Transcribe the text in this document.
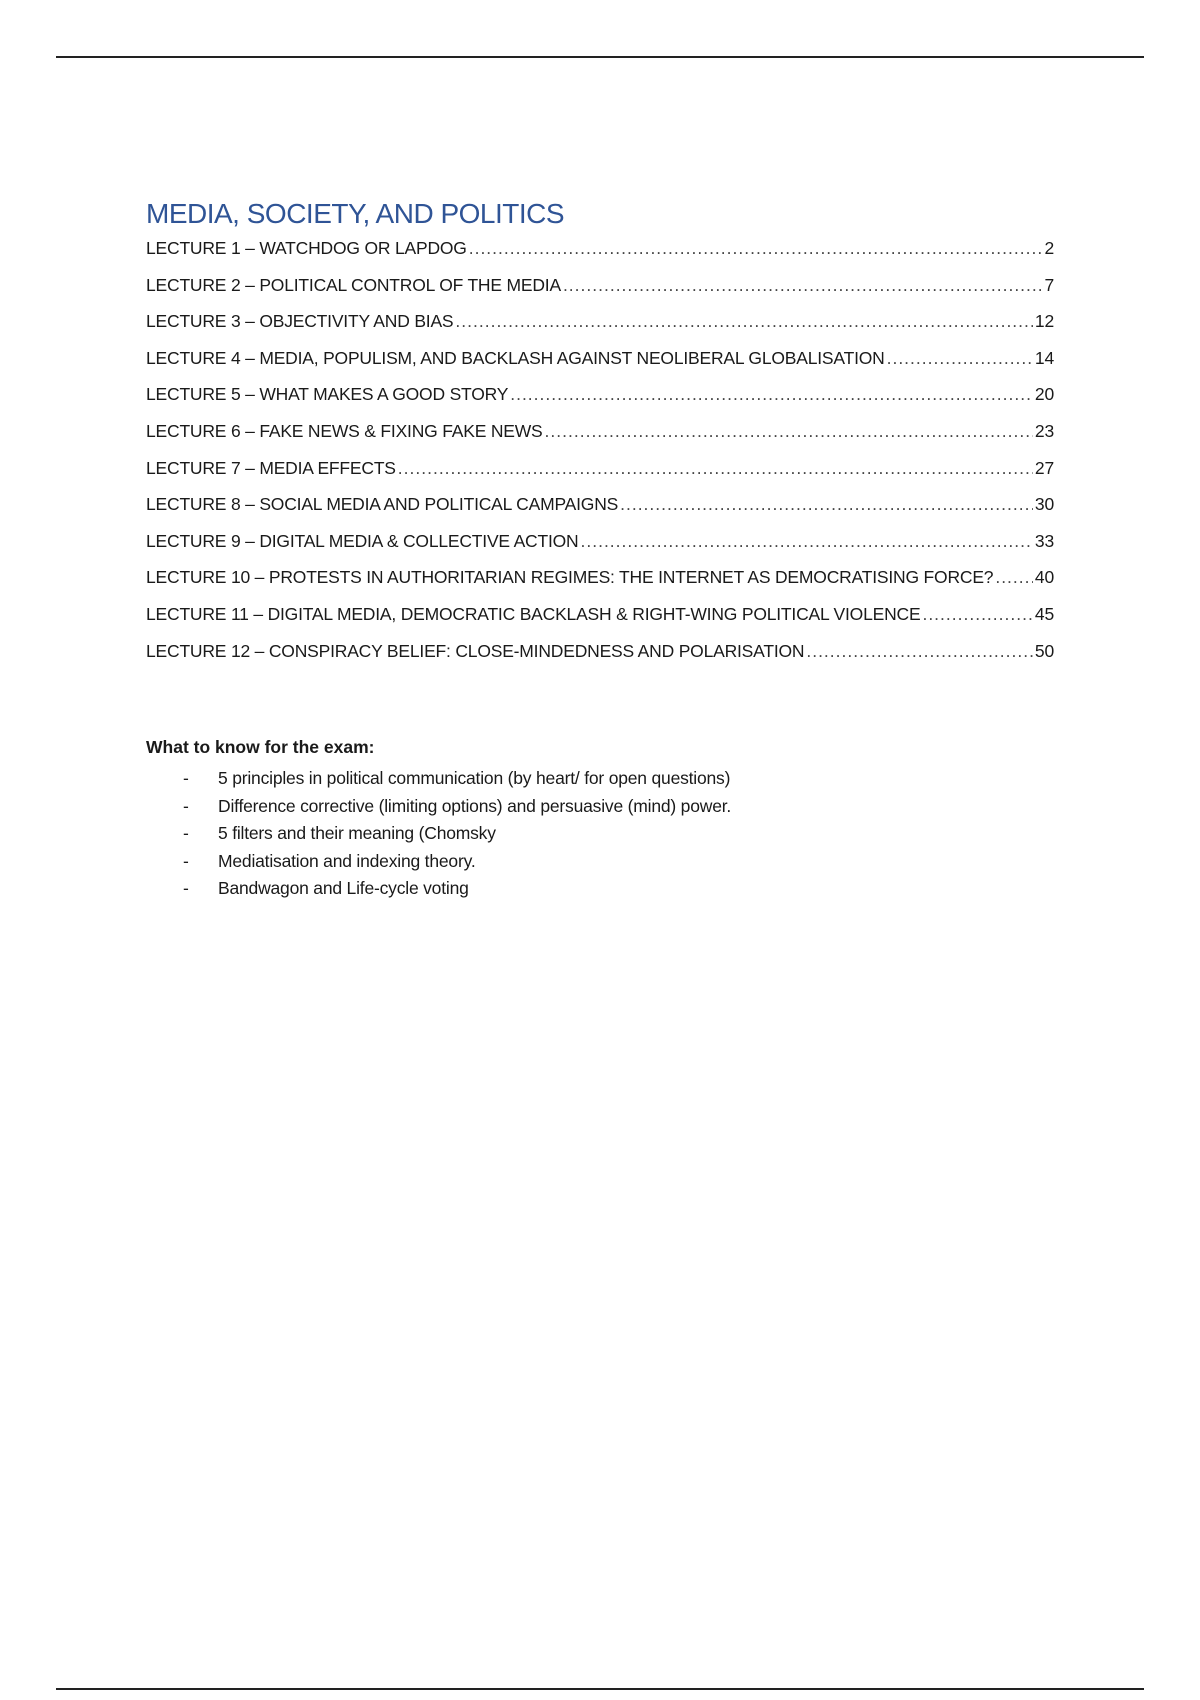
MEDIA, SOCIETY, AND POLITICS
LECTURE 1 – WATCHDOG OR LAPDOG .....	2
LECTURE 2 – POLITICAL CONTROL OF THE MEDIA .....	7
LECTURE 3 – OBJECTIVITY AND BIAS .....	12
LECTURE 4 – MEDIA, POPULISM, AND BACKLASH AGAINST NEOLIBERAL GLOBALISATION .....	14
LECTURE 5 – WHAT MAKES A GOOD STORY .....	20
LECTURE 6 – FAKE NEWS & FIXING FAKE NEWS .....	23
LECTURE 7 – MEDIA EFFECTS .....	27
LECTURE 8 – SOCIAL MEDIA AND POLITICAL CAMPAIGNS .....	30
LECTURE 9 – DIGITAL MEDIA & COLLECTIVE ACTION .....	33
LECTURE 10 – PROTESTS IN AUTHORITARIAN REGIMES: THE INTERNET AS DEMOCRATISING FORCE? ..... 40
LECTURE 11 – DIGITAL MEDIA, DEMOCRATIC BACKLASH & RIGHT-WING POLITICAL VIOLENCE .....	45
LECTURE 12 – CONSPIRACY BELIEF: CLOSE-MINDEDNESS AND POLARISATION .....	50

What to know for the exam:

- 5 principles in political communication (by heart/ for open questions)
- Difference corrective (limiting options) and persuasive (mind) power.
- 5 filters and their meaning (Chomsky
- Mediatisation and indexing theory.
- Bandwagon and Life-cycle voting
